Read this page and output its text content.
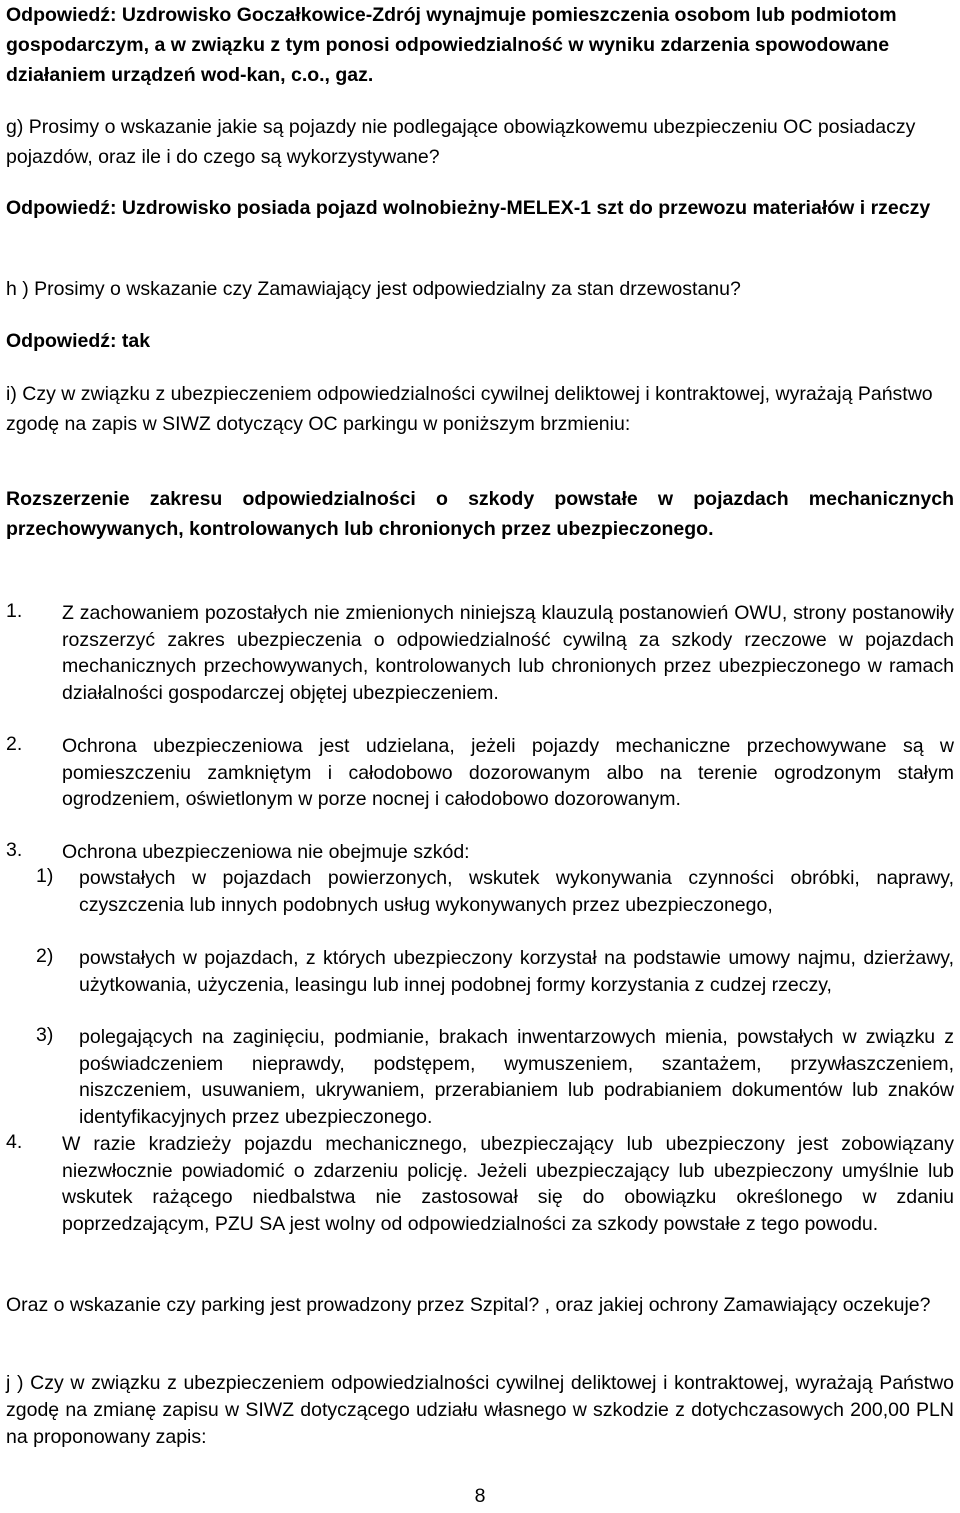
Odpowiedź: Uzdrowisko Goczałkowice-Zdrój wynajmuje pomieszczenia osobom lub podmiotom gospodarczym, a w związku z tym ponosi odpowiedzialność w wyniku zdarzenia spowodowane działaniem urządzeń wod-kan, c.o., gaz.

g) Prosimy o wskazanie jakie są pojazdy nie podlegające obowiązkowemu ubezpieczeniu OC posiadaczy pojazdów, oraz ile i do czego są wykorzystywane?

Odpowiedź: Uzdrowisko posiada pojazd wolnobieżny-MELEX-1 szt do przewozu materiałów i rzeczy

h ) Prosimy o wskazanie czy Zamawiający jest odpowiedzialny za stan drzewostanu?

Odpowiedź: tak

i) Czy w związku z ubezpieczeniem odpowiedzialności cywilnej deliktowej i kontraktowej, wyrażają Państwo zgodę na zapis w SIWZ dotyczący OC parkingu w poniższym brzmieniu:

Rozszerzenie zakresu odpowiedzialności o szkody powstałe w pojazdach mechanicznych przechowywanych, kontrolowanych lub chronionych przez ubezpieczonego.

1. Z zachowaniem pozostałych nie zmienionych niniejszą klauzulą postanowień OWU, strony postanowiły rozszerzyć zakres ubezpieczenia o odpowiedzialność cywilną za szkody rzeczowe w pojazdach mechanicznych przechowywanych, kontrolowanych lub chronionych przez ubezpieczonego w ramach działalności gospodarczej objętej ubezpieczeniem.

2. Ochrona ubezpieczeniowa jest udzielana, jeżeli pojazdy mechaniczne przechowywane są w pomieszczeniu zamkniętym i całodobowo dozorowanym albo na terenie ogrodzonym stałym ogrodzeniem, oświetlonym w porze nocnej i całodobowo dozorowanym.

3. Ochrona ubezpieczeniowa nie obejmuje szkód:

1) powstałych w pojazdach powierzonych, wskutek wykonywania czynności obróbki, naprawy, czyszczenia lub innych podobnych usług wykonywanych przez ubezpieczonego,

2) powstałych w pojazdach, z których ubezpieczony korzystał na podstawie umowy najmu, dzierżawy, użytkowania, użyczenia, leasingu lub innej podobnej formy korzystania z cudzej rzeczy,

3) polegających na zaginięciu, podmianie, brakach inwentarzowych mienia, powstałych w związku z poświadczeniem nieprawdy, podstępem, wymuszeniem, szantażem, przywłaszczeniem, niszczeniem, usuwaniem, ukrywaniem, przerabianiem lub podrabianiem dokumentów lub znaków identyfikacyjnych przez ubezpieczonego.

4. W razie kradzieży pojazdu mechanicznego, ubezpieczający lub ubezpieczony jest zobowiązany niezwłocznie powiadomić o zdarzeniu policję. Jeżeli ubezpieczający lub ubezpieczony umyślnie lub wskutek rażącego niedbalstwa nie zastosował się do obowiązku określonego w zdaniu poprzedzającym, PZU SA jest wolny od odpowiedzialności za szkody powstałe z tego powodu.

Oraz o wskazanie czy parking jest prowadzony przez Szpital? , oraz jakiej ochrony Zamawiający oczekuje?

j ) Czy w związku z ubezpieczeniem odpowiedzialności cywilnej deliktowej i kontraktowej, wyrażają Państwo zgodę na zmianę zapisu w SIWZ dotyczącego udziału własnego w szkodzie z dotychczasowych 200,00 PLN na proponowany zapis:

8
